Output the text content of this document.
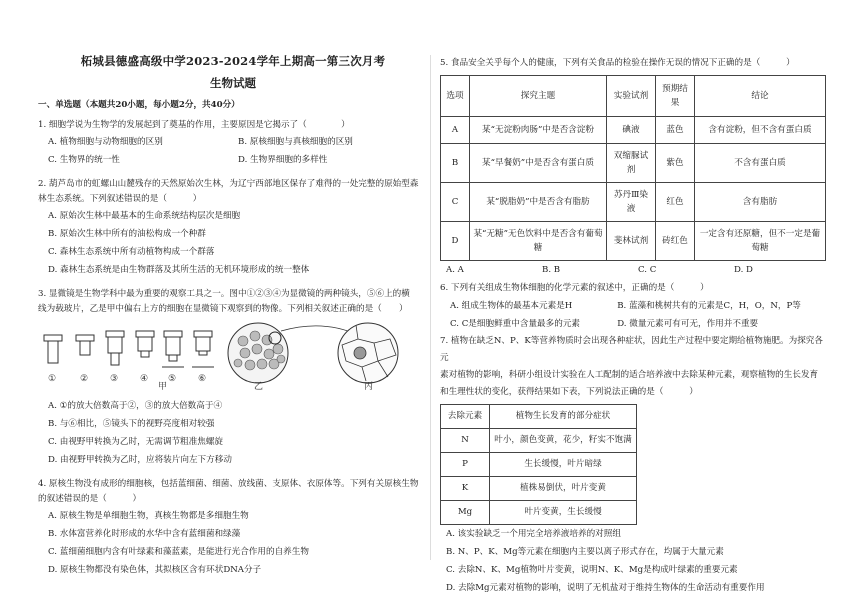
柘城县德盛高级中学2023-2024学年上期高一第三次月考
生物试题
一、单选题（本题共20小题，每小题2分，共40分）
1. 细胞学说为生物学的发展起到了奠基的作用，主要原因是它揭示了（　　　　）
A. 植物细胞与动物细胞的区别	B. 原核细胞与真核细胞的区别
C. 生物界的统一性	D. 生物界细胞的多样性
2. 葫芦岛市的虹螺山山麓残存的天然原始次生林，为辽宁西部地区保存了难得的一处完整的原始型森
林生态系统。下列叙述错误的是（　　　）
A. 原始次生林中最基本的生命系统结构层次是细胞
B. 原始次生林中所有的油松构成一个种群
C. 森林生态系统中所有动植物构成一个群落
D. 森林生态系统是由生物群落及其所生活的无机环境形成的统一整体
3. 显微镜是生物学科中最为重要的观察工具之一。图中①②③④为显微镜的两种镜头，⑤⑥上的横
线为载玻片，乙是甲中偏右上方的细胞在显微镜下观察到的物像。下列相关叙述正确的是（　　）
①	② ③ ④ ⑤ ⑥
甲	乙	丙
A. ①的放大倍数高于②，③的放大倍数高于④
B. 与⑥相比，⑤镜头下的视野亮度相对较强
C. 由视野甲转换为乙时，无需调节粗准焦螺旋
D. 由视野甲转换为乙时，应将装片向左下方移动
4. 原核生物没有成形的细胞核，包括蓝细菌、细菌、放线菌、支原体、衣原体等。下列有关原核生物
的叙述错误的是（　　　）
A. 原核生物是单细胞生物，真核生物都是多细胞生物
B. 水体富营养化时形成的水华中含有蓝细菌和绿藻
C. 蓝细菌细胞内含有叶绿素和藻蓝素，是能进行光合作用的自养生物
D. 原核生物都没有染色体，其拟核区含有环状DNA分子
5. 食品安全关乎每个人的健康，下列有关食品的检验在操作无误的情况下正确的是（　　　）
选项	探究主题	实验试剂	预期结果	结论
A	某“无淀粉肉肠”中是否含淀粉	碘液	蓝色	含有淀粉，但不含有蛋白质
B	某“早餐奶”中是否含有蛋白质	双缩脲试剂	紫色	不含有蛋白质
C	某“脱脂奶”中是否含有脂肪	苏丹Ⅲ染液	红色	含有脂肪
D	某“无糖”无色饮料中是否含有葡萄糖	斐林试剂	砖红色	一定含有还原糖，但不一定是葡萄糖
A. A	B. B	C. C	D. D
6. 下列有关组成生物体细胞的化学元素的叙述中，正确的是（　　　）
A. 组成生物体的最基本元素是H	B. 蓝藻和桃树共有的元素是C，H，O，N，P等
C. C是细胞鲜重中含量最多的元素	D. 微量元素可有可无，作用并不重要
7. 植物在缺乏N、P、K等营养物质时会出现各种症状，因此生产过程中要定期给植物施肥。为探究各元
素对植物的影响，科研小组设计实验在人工配制的适合培养液中去除某种元素，观察植物的生长发育
和生理性状的变化，获得结果如下表，下列说法正确的是（　　　）
去除元素	植物生长发育的部分症状
N	叶小，颜色变黄，花少，籽实不饱满
P	生长缓慢，叶片暗绿
K	植株易倒伏，叶片变黄
Mg	叶片变黄，生长缓慢
A. 该实验缺乏一个用完全培养液培养的对照组
B. N、P、K、Mg等元素在细胞内主要以离子形式存在，均属于大量元素
C. 去除N、K、Mg植物叶片变黄，说明N、K、Mg是构成叶绿素的重要元素
D. 去除Mg元素对植物的影响，说明了无机盐对于维持生物体的生命活动有重要作用
